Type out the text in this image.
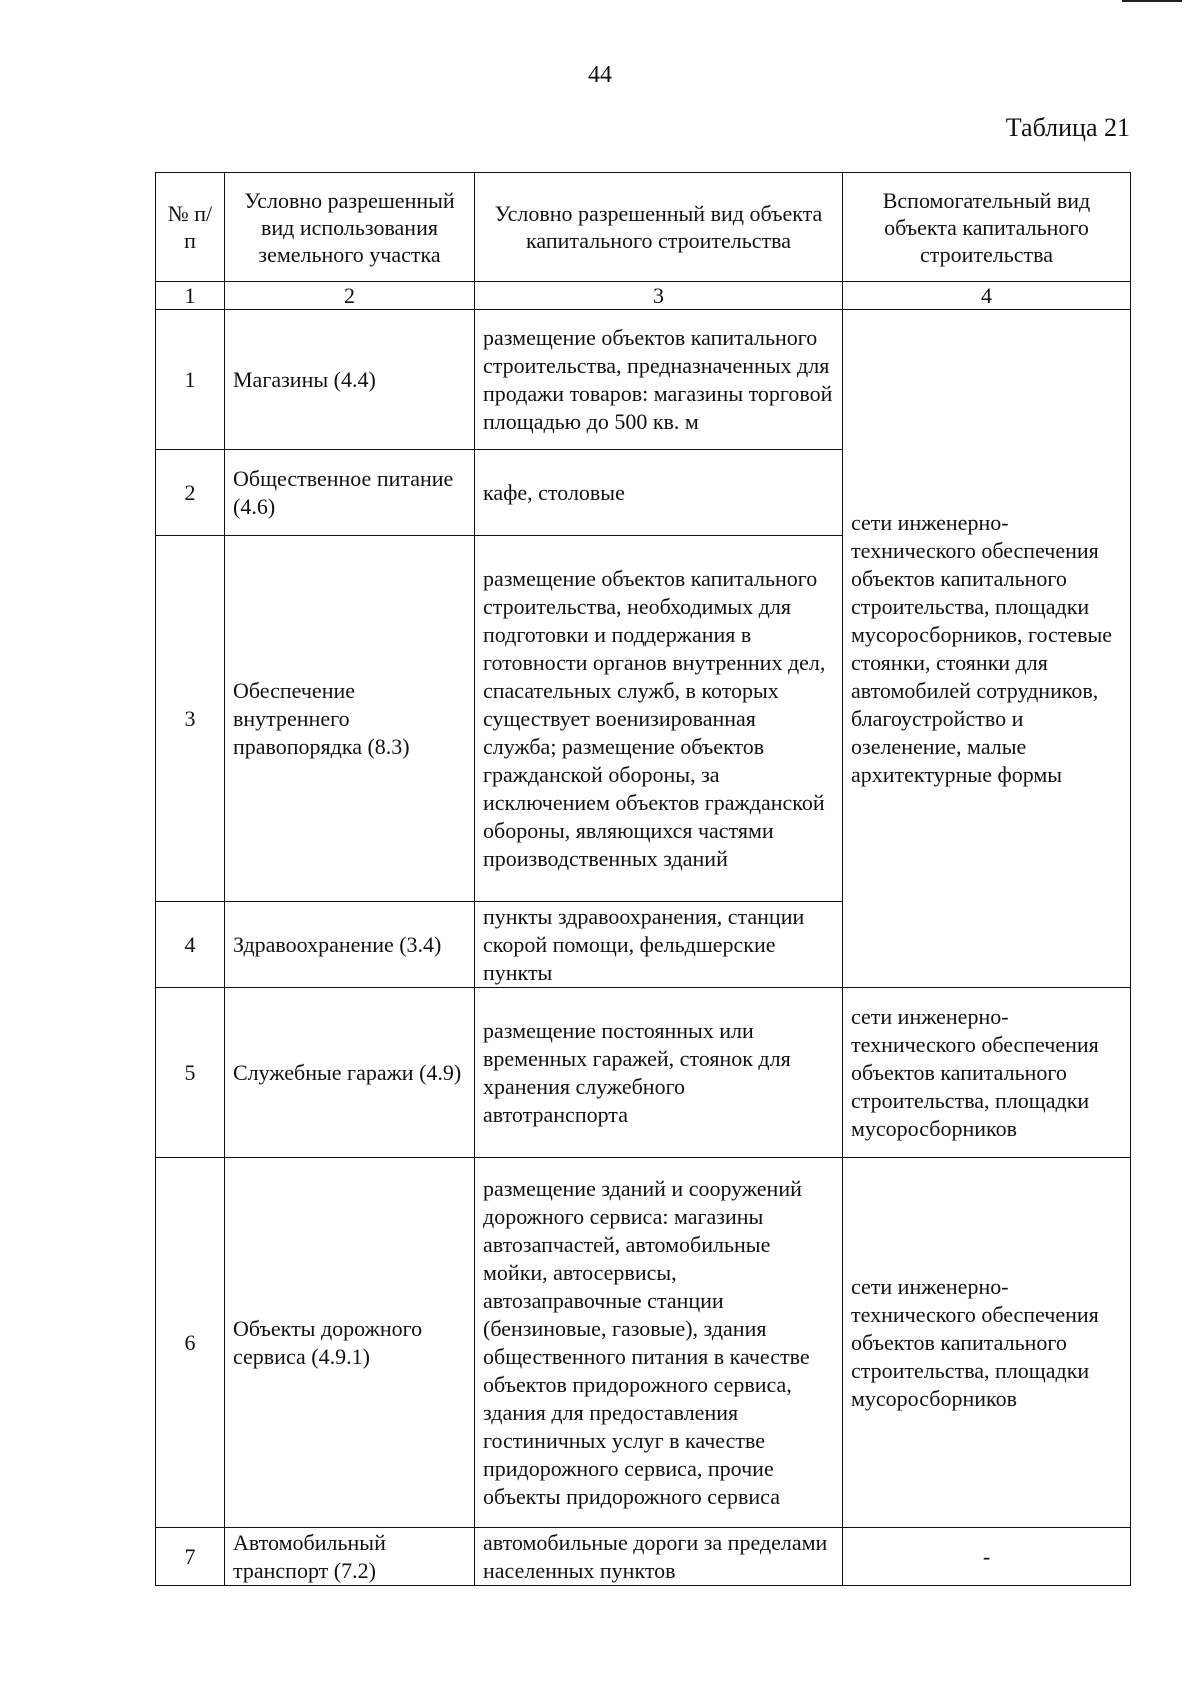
44
Таблица 21
№ п/п	Условно разрешенный вид использования земельного участка	Условно разрешенный вид объекта капитального строительства	Вспомогательный вид объекта капитального строительства
1	2	3	4
1	Магазины (4.4)	размещение объектов капитального строительства, предназначенных для продажи товаров: магазины торговой площадью до 500 кв. м	сети инженерно-технического обеспечения объектов капитального строительства, площадки мусоросборников, гостевые стоянки, стоянки для автомобилей сотрудников, благоустройство и озеленение, малые архитектурные формы
2	Общественное питание (4.6)	кафе, столовые	
3	Обеспечение внутреннего правопорядка (8.3)	размещение объектов капитального строительства, необходимых для подготовки и поддержания в готовности органов внутренних дел, спасательных служб, в которых существует военизированная служба; размещение объектов гражданской обороны, за исключением объектов гражданской обороны, являющихся частями производственных зданий	
4	Здравоохранение (3.4)	пункты здравоохранения, станции скорой помощи, фельдшерские пункты	
5	Служебные гаражи (4.9)	размещение постоянных или временных гаражей, стоянок для хранения служебного автотранспорта	сети инженерно-технического обеспечения объектов капитального строительства, площадки мусоросборников
6	Объекты дорожного сервиса (4.9.1)	размещение зданий и сооружений дорожного сервиса: магазины автозапчастей, автомобильные мойки, автосервисы, автозаправочные станции (бензиновые, газовые), здания общественного питания в качестве объектов придорожного сервиса, здания для предоставления гостиничных услуг в качестве придорожного сервиса, прочие объекты придорожного сервиса	сети инженерно-технического обеспечения объектов капитального строительства, площадки мусоросборников
7	Автомобильный транспорт (7.2)	автомобильные дороги за пределами населенных пунктов	-
